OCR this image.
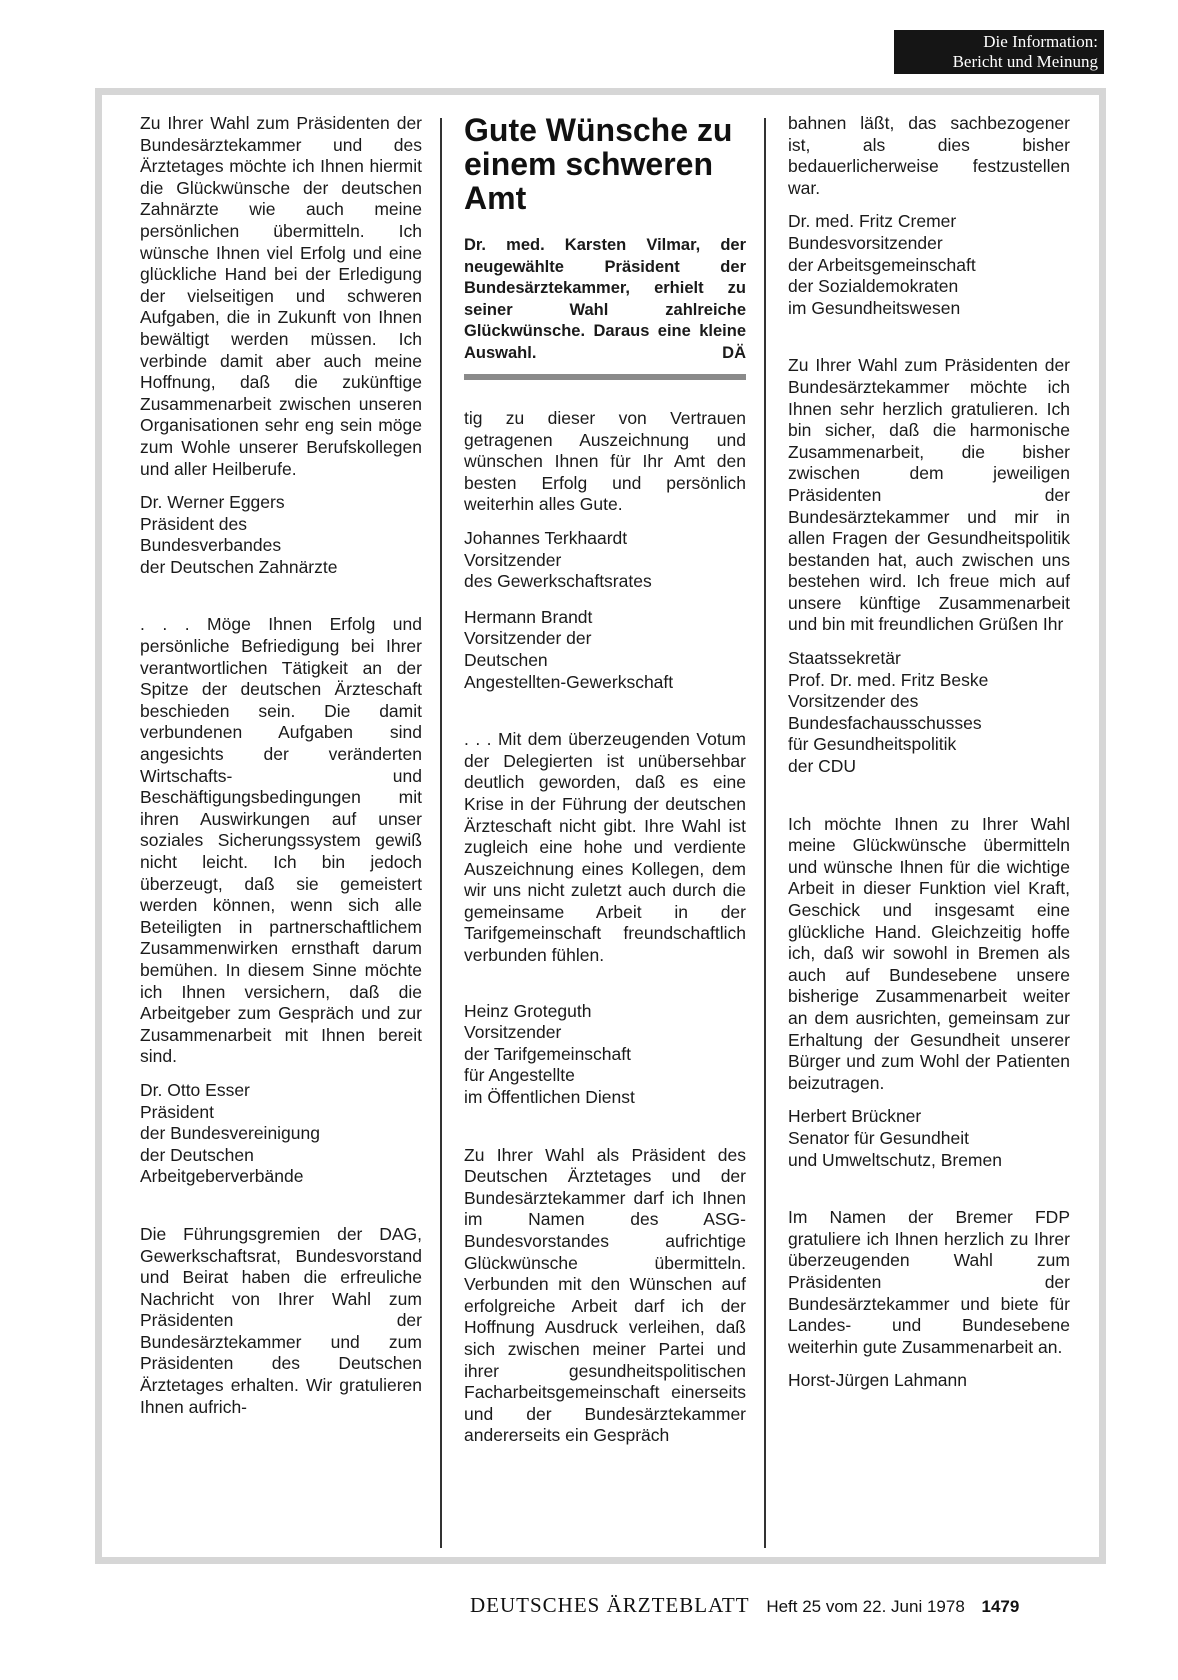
Die Information:
Bericht und Meinung

Zu Ihrer Wahl zum Präsidenten der Bundesärztekammer und des Ärztetages möchte ich Ihnen hiermit die Glückwünsche der deutschen Zahnärzte wie auch meine persönlichen übermitteln. Ich wünsche Ihnen viel Erfolg und eine glückliche Hand bei der Erledigung der vielseitigen und schweren Aufgaben, die in Zukunft von Ihnen bewältigt werden müssen. Ich verbinde damit aber auch meine Hoffnung, daß die zukünftige Zusammenarbeit zwischen unseren Organisationen sehr eng sein möge zum Wohle unserer Berufskollegen und aller Heilberufe.

Dr. Werner Eggers
Präsident des
Bundesverbandes
der Deutschen Zahnärzte

. . . Möge Ihnen Erfolg und persönliche Befriedigung bei Ihrer verantwortlichen Tätigkeit an der Spitze der deutschen Ärzteschaft beschieden sein. Die damit verbundenen Aufgaben sind angesichts der veränderten Wirtschafts- und Beschäftigungsbedingungen mit ihren Auswirkungen auf unser soziales Sicherungssystem gewiß nicht leicht. Ich bin jedoch überzeugt, daß sie gemeistert werden können, wenn sich alle Beteiligten in partnerschaftlichem Zusammenwirken ernsthaft darum bemühen. In diesem Sinne möchte ich Ihnen versichern, daß die Arbeitgeber zum Gespräch und zur Zusammenarbeit mit Ihnen bereit sind.

Dr. Otto Esser
Präsident
der Bundesvereinigung
der Deutschen
Arbeitgeberverbände

Die Führungsgremien der DAG, Gewerkschaftsrat, Bundesvorstand und Beirat haben die erfreuliche Nachricht von Ihrer Wahl zum Präsidenten der Bundesärztekammer und zum Präsidenten des Deutschen Ärztetages erhalten. Wir gratulieren Ihnen aufrich-

Gute Wünsche zu einem schweren Amt
Dr. med. Karsten Vilmar, der neugewählte Präsident der Bundesärztekammer, erhielt zu seiner Wahl zahlreiche Glückwünsche. Daraus eine kleine Auswahl.	DÄ

tig zu dieser von Vertrauen getragenen Auszeichnung und wünschen Ihnen für Ihr Amt den besten Erfolg und persönlich weiterhin alles Gute.

Johannes Terkhaardt
Vorsitzender
des Gewerkschaftsrates
Hermann Brandt
Vorsitzender der
Deutschen
Angestellten-Gewerkschaft

. . . Mit dem überzeugenden Votum der Delegierten ist unübersehbar deutlich geworden, daß es eine Krise in der Führung der deutschen Ärzteschaft nicht gibt. Ihre Wahl ist zugleich eine hohe und verdiente Auszeichnung eines Kollegen, dem wir uns nicht zuletzt auch durch die gemeinsame Arbeit in der Tarifgemeinschaft freundschaftlich verbunden fühlen.

Heinz Groteguth
Vorsitzender
der Tarifgemeinschaft
für Angestellte
im Öffentlichen Dienst

Zu Ihrer Wahl als Präsident des Deutschen Ärztetages und der Bundesärztekammer darf ich Ihnen im Namen des ASG-Bundesvorstandes aufrichtige Glückwünsche übermitteln. Verbunden mit den Wünschen auf erfolgreiche Arbeit darf ich der Hoffnung Ausdruck verleihen, daß sich zwischen meiner Partei und ihrer gesundheitspolitischen Facharbeitsgemeinschaft einerseits und der Bundesärztekammer andererseits ein Gespräch

bahnen läßt, das sachbezogener ist, als dies bisher bedauerlicherweise festzustellen war.

Dr. med. Fritz Cremer
Bundesvorsitzender
der Arbeitsgemeinschaft
der Sozialdemokraten
im Gesundheitswesen

Zu Ihrer Wahl zum Präsidenten der Bundesärztekammer möchte ich Ihnen sehr herzlich gratulieren. Ich bin sicher, daß die harmonische Zusammenarbeit, die bisher zwischen dem jeweiligen Präsidenten der Bundesärztekammer und mir in allen Fragen der Gesundheitspolitik bestanden hat, auch zwischen uns bestehen wird. Ich freue mich auf unsere künftige Zusammenarbeit und bin mit freundlichen Grüßen Ihr

Staatssekretär
Prof. Dr. med. Fritz Beske
Vorsitzender des
Bundesfachausschusses
für Gesundheitspolitik
der CDU

Ich möchte Ihnen zu Ihrer Wahl meine Glückwünsche übermitteln und wünsche Ihnen für die wichtige Arbeit in dieser Funktion viel Kraft, Geschick und insgesamt eine glückliche Hand. Gleichzeitig hoffe ich, daß wir sowohl in Bremen als auch auf Bundesebene unsere bisherige Zusammenarbeit weiter an dem ausrichten, gemeinsam zur Erhaltung der Gesundheit unserer Bürger und zum Wohl der Patienten beizutragen.

Herbert Brückner
Senator für Gesundheit
und Umweltschutz, Bremen

Im Namen der Bremer FDP gratuliere ich Ihnen herzlich zu Ihrer überzeugenden Wahl zum Präsidenten der Bundesärztekammer und biete für Landes- und Bundesebene weiterhin gute Zusammenarbeit an.

Horst-Jürgen Lahmann
DEUTSCHES ÄRZTEBLATT Heft 25 vom 22. Juni 1978 1479
